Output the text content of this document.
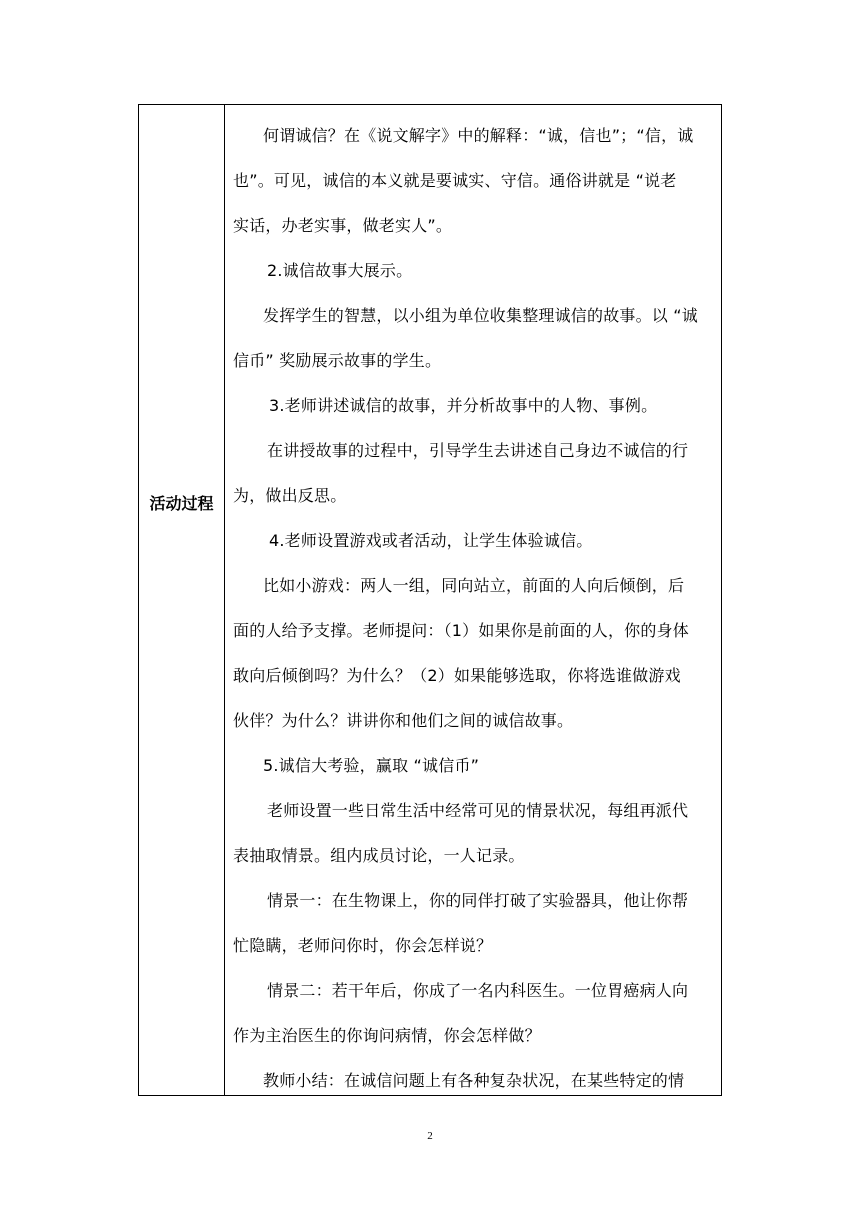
活动过程
何谓诚信？在《说文解字》中的解释：“诚，信也”；“信，诚
也”。可见，诚信的本义就是要诚实、守信。通俗讲就是 “说老
实话，办老实事，做老实人”。
2.诚信故事大展示。
发挥学生的智慧，以小组为单位收集整理诚信的故事。以 “诚
信币” 奖励展示故事的学生。
3.老师讲述诚信的故事，并分析故事中的人物、事例。
在讲授故事的过程中，引导学生去讲述自己身边不诚信的行
为，做出反思。
4.老师设置游戏或者活动，让学生体验诚信。
比如小游戏：两人一组，同向站立，前面的人向后倾倒，后
面的人给予支撑。老师提问：（1）如果你是前面的人，你的身体
敢向后倾倒吗？为什么？（2）如果能够选取，你将选谁做游戏
伙伴？为什么？讲讲你和他们之间的诚信故事。
5.诚信大考验，赢取 “诚信币”
老师设置一些日常生活中经常可见的情景状况，每组再派代
表抽取情景。组内成员讨论，一人记录。
情景一：在生物课上，你的同伴打破了实验器具，他让你帮
忙隐瞒，老师问你时，你会怎样说？
情景二：若干年后，你成了一名内科医生。一位胃癌病人向
作为主治医生的你询问病情，你会怎样做？
教师小结：在诚信问题上有各种复杂状况，在某些特定的情
2
